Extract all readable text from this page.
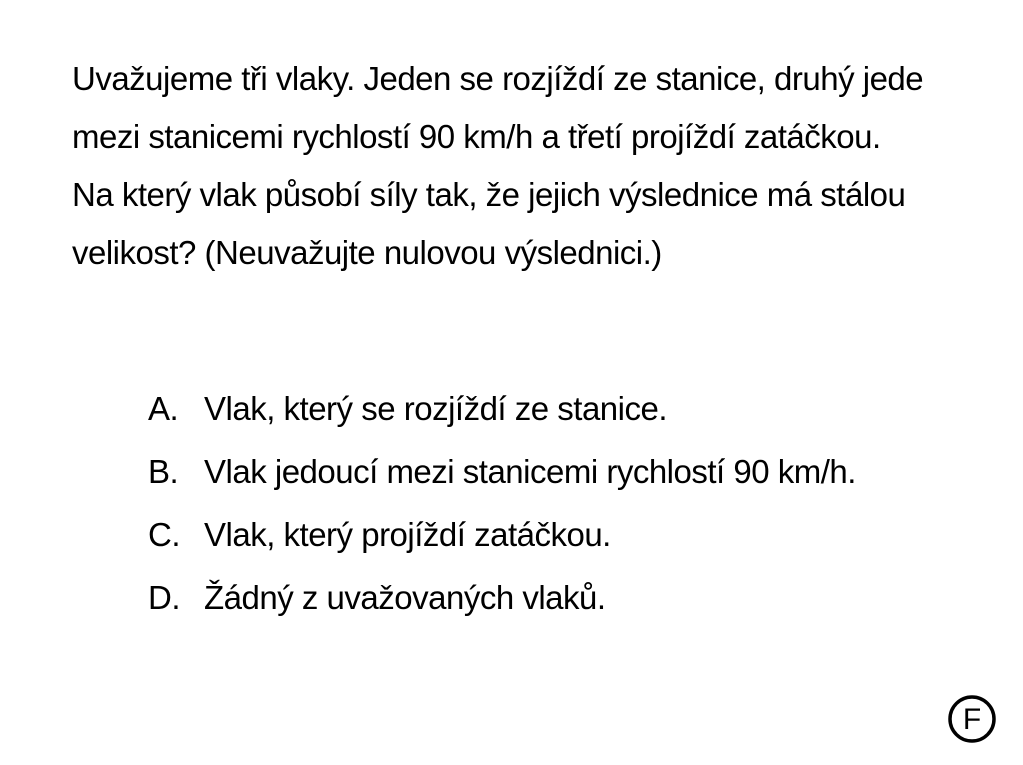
Uvažujeme tři vlaky. Jeden se rozjíždí ze stanice, druhý jede mezi stanicemi rychlostí 90 km/h a třetí projíždí zatáčkou.

Na který vlak působí síly tak, že jejich výslednice má stálou velikost? (Neuvažujte nulovou výslednici.)

A. Vlak, který se rozjíždí ze stanice.
B. Vlak jedoucí mezi stanicemi rychlostí 90 km/h.
C. Vlak, který projíždí zatáčkou.
D. Žádný z uvažovaných vlaků.
F
